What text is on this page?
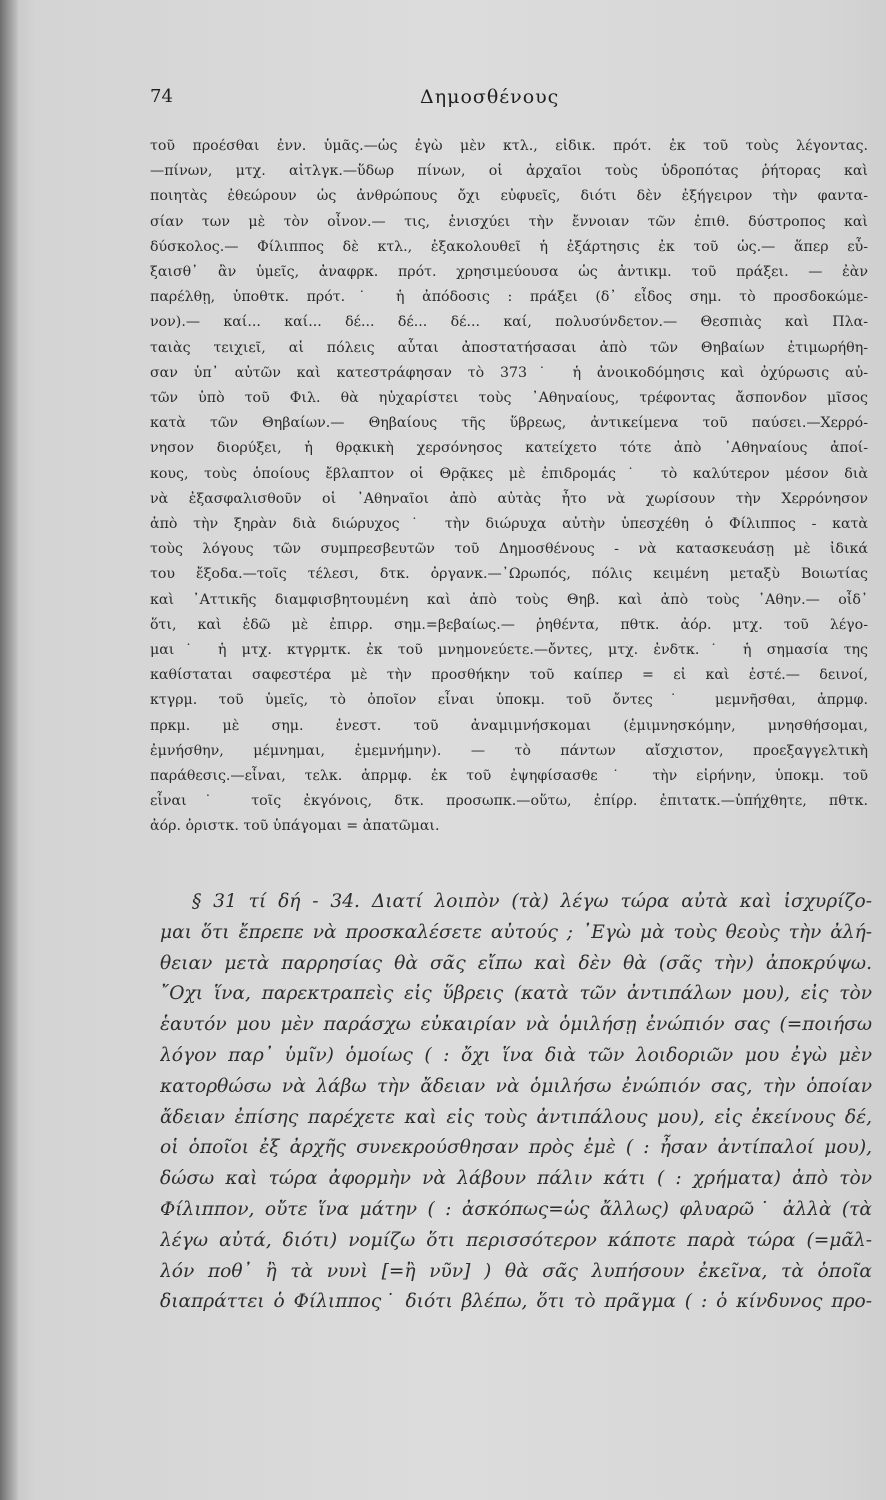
74	Δημοσθένους
τοῦ προέσθαι ἐνν. ὑμᾶς.—ὡς ἐγὼ μὲν κτλ., εἰδικ. πρότ. ἐκ τοῦ τοὺς λέγοντας.
—πίνων, μτχ. αἰτλγκ.—ὕδωρ πίνων, οἱ ἀρχαῖοι τοὺς ὑδροπότας ῥήτορας καὶ
ποιητὰς ἐθεώρουν ὡς ἀνθρώπους ὄχι εὐφυεῖς, διότι δὲν ἐξήγειρον τὴν φαντα-
σίαν των μὲ τὸν οἶνον.— τις, ἐνισχύει τὴν ἔννοιαν τῶν ἐπιθ. δύστροπος καὶ
δύσκολος.— Φίλιππος δὲ κτλ., ἐξακολουθεῖ ἡ ἐξάρτησις ἐκ τοῦ ὡς.— ἅπερ εὖ-
ξαισθ᾽ ἂν ὑμεῖς, ἀναφρκ. πρότ. χρησιμεύουσα ὡς ἀντικμ. τοῦ πράξει. — ἐὰν
παρέλθῃ, ὑποθτκ. πρότ.˙ ἡ ἀπόδοσις : πράξει (δ᾽ εἶδος σημ. τὸ προσδοκώμε-
νον).— καί... καί... δέ... δέ... δέ... καί, πολυσύνδετον.— Θεσπιὰς καὶ Πλα-
ταιὰς τειχιεῖ, αἱ πόλεις αὗται ἀποστατήσασαι ἀπὸ τῶν Θηβαίων ἐτιμωρήθη-
σαν ὑπ᾽ αὐτῶν καὶ κατεστράφησαν τὸ 373˙ ἡ ἀνοικοδόμησις καὶ ὀχύρωσις αὐ-
τῶν ὑπὸ τοῦ Φιλ. θὰ ηὐχαρίστει τοὺς ᾿Αθηναίους, τρέφοντας ἄσπονδον μῖσος
κατὰ τῶν Θηβαίων.— Θηβαίους τῆς ὕβρεως, ἀντικείμενα τοῦ παύσει.—Χερρό-
νησον διορύξει, ἡ θρᾳκικὴ χερσόνησος κατείχετο τότε ἀπὸ ᾿Αθηναίους ἀποί-
κους, τοὺς ὁποίους ἔβλαπτον οἱ Θρᾷκες μὲ ἐπιδρομάς˙ τὸ καλύτερον μέσον διὰ
νὰ ἐξασφαλισθοῦν οἱ ᾿Αθηναῖοι ἀπὸ αὐτὰς ἦτο νὰ χωρίσουν τὴν Χερρόνησον
ἀπὸ τὴν ξηρὰν διὰ διώρυχος˙ τὴν διώρυχα αὐτὴν ὑπεσχέθη ὁ Φίλιππος - κατὰ
τοὺς λόγους τῶν συμπρεσβευτῶν τοῦ Δημοσθένους - νὰ κατασκευάσῃ μὲ ἰδικά
του ἔξοδα.—τοῖς τέλεσι, δτκ. ὀργανκ.—᾿Ωρωπός, πόλις κειμένη μεταξὺ Βοιωτίας
καὶ ᾿Αττικῆς διαμφισβητουμένη καὶ ἀπὸ τοὺς Θηβ. καὶ ἀπὸ τοὺς ᾿Αθην.— οἶδ᾽
ὅτι, καὶ ἐδῶ μὲ ἐπιρρ. σημ.=βεβαίως.— ῥηθέντα, πθτκ. ἀόρ. μτχ. τοῦ λέγο-
μαι˙ ἡ μτχ. κτγρμτκ. ἐκ τοῦ μνημονεύετε.—ὄντες, μτχ. ἐνδτκ.˙ ἡ σημασία της
καθίσταται σαφεστέρα μὲ τὴν προσθήκην τοῦ καίπερ = εἰ καὶ ἐστέ.— δεινοί,
κτγρμ. τοῦ ὑμεῖς, τὸ ὁποῖον εἶναι ὑποκμ. τοῦ ὄντες˙ μεμνῆσθαι, ἀπρμφ.
πρκμ. μὲ σημ. ἐνεστ. τοῦ ἀναμιμνήσκομαι (ἐμιμνησκόμην, μνησθήσομαι,
ἐμνήσθην, μέμνημαι, ἐμεμνήμην). — τὸ πάντων αἴσχιστον, προεξαγγελτικὴ
παράθεσις.—εἶναι, τελκ. ἀπρμφ. ἐκ τοῦ ἐψηφίσασθε˙ τὴν εἰρήνην, ὑποκμ. τοῦ
εἶναι˙ τοῖς ἐκγόνοις, δτκ. προσωπκ.—οὕτω, ἐπίρρ. ἐπιτατκ.—ὑπήχθητε, πθτκ.
ἀόρ. ὁριστκ. τοῦ ὑπάγομαι = ἀπατῶμαι.
§ 31 τί δή - 34. Διατί λοιπὸν (τὰ) λέγω τώρα αὐτὰ καὶ ἰσχυρίζο-
μαι ὅτι ἔπρεπε νὰ προσκαλέσετε αὐτούς ; ᾿Εγὼ μὰ τοὺς θεοὺς τὴν ἀλή-
θειαν μετὰ παρρησίας θὰ σᾶς εἴπω καὶ δὲν θὰ (σᾶς τὴν) ἀποκρύψω.
῎Οχι ἵνα, παρεκτραπεὶς εἰς ὕβρεις (κατὰ τῶν ἀντιπάλων μου), εἰς τὸν
ἑαυτόν μου μὲν παράσχω εὐκαιρίαν νὰ ὁμιλήσῃ ἐνώπιόν σας (=ποιήσω
λόγον παρ᾽ ὑμῖν) ὁμοίως ( : ὄχι ἵνα διὰ τῶν λοιδοριῶν μου ἐγὼ μὲν
κατορθώσω νὰ λάβω τὴν ἄδειαν νὰ ὁμιλήσω ἐνώπιόν σας, τὴν ὁποίαν
ἄδειαν ἐπίσης παρέχετε καὶ εἰς τοὺς ἀντιπάλους μου), εἰς ἐκείνους δέ,
οἱ ὁποῖοι ἐξ ἀρχῆς συνεκρούσθησαν πρὸς ἐμὲ ( : ἦσαν ἀντίπαλοί μου),
δώσω καὶ τώρα ἀφορμὴν νὰ λάβουν πάλιν κάτι ( : χρήματα) ἀπὸ τὸν
Φίλιππον, οὔτε ἵνα μάτην ( : ἀσκόπως=ὡς ἄλλως) φλυαρῶ˙ ἀλλὰ (τὰ
λέγω αὐτά, διότι) νομίζω ὅτι περισσότερον κάποτε παρὰ τώρα (=μᾶλ-
λόν ποθ᾽ ἢ τὰ νυνὶ [=ἢ νῦν] ) θὰ σᾶς λυπήσουν ἐκεῖνα, τὰ ὁποῖα
διαπράττει ὁ Φίλιππος˙ διότι βλέπω, ὅτι τὸ πρᾶγμα ( : ὁ κίνδυνος προ-
